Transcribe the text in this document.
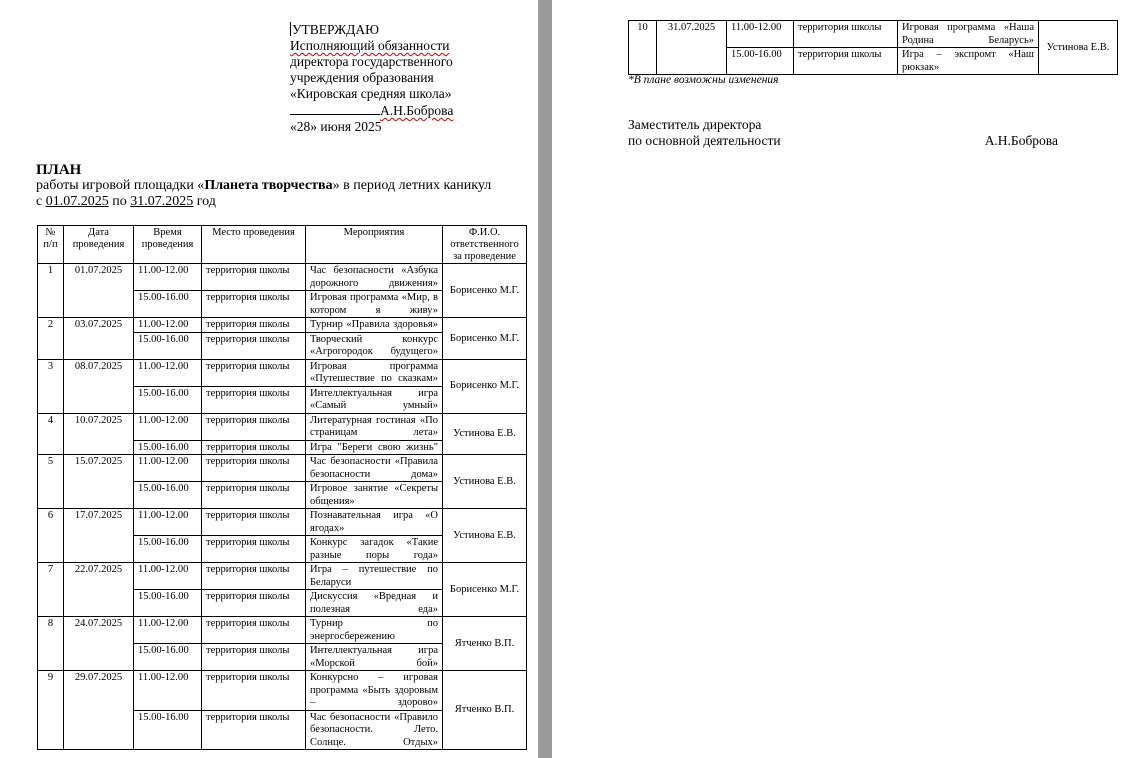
УТВЕРЖДАЮ
Исполняющий обязанности
директора государственного
учреждения образования
«Кировская средняя школа»
А.Н.Боброва
«28» июня 2025
ПЛАН
работы игровой площадки «Планета творчества» в период летних каникул
с 01.07.2025 по 31.07.2025 год
№ п/п	Дата проведения	Время проведения	Место проведения	Мероприятия	Ф.И.О. ответственного за проведение
1	01.07.2025	11.00-12.00	территория школы	Час безопасности «Азбука дорожного движения»	Борисенко М.Г.
		15.00-16.00	территория школы	Игровая программа «Мир, в котором я живу»	
2	03.07.2025	11.00-12.00	территория школы	Турнир «Правила здоровья»	Борисенко М.Г.
		15.00-16.00	территория школы	Творческий конкурс «Агрогородок будущего»	
3	08.07.2025	11.00-12.00	территория школы	Игровая программа «Путешествие по сказкам»	Борисенко М.Г.
		15.00-16.00	территория школы	Интеллектуальная игра «Самый умный»	
4	10.07.2025	11.00-12.00	территория школы	Литературная гостиная «По страницам лета»	Устинова Е.В.
		15.00-16.00	территория школы	Игра "Береги свою жизнь"	
5	15.07.2025	11.00-12.00	территория школы	Час безопасности «Правила безопасности дома»	Устинова Е.В.
		15.00-16.00	территория школы	Игровое занятие «Секреты общения»	
6	17.07.2025	11.00-12.00	территория школы	Познавательная игра «О ягодах»	Устинова Е.В.
		15.00-16.00	территория школы	Конкурс загадок «Такие разные поры года»	
7	22.07.2025	11.00-12.00	территория школы	Игра – путешествие по Беларуси	Борисенко М.Г.
		15.00-16.00	территория школы	Дискуссия «Вредная и полезная еда»	
8	24.07.2025	11.00-12.00	территория школы	Турнир по энергосбережению	Ятченко В.П.
		15.00-16.00	территория школы	Интеллектуальная игра «Морской бой»	
9	29.07.2025	11.00-12.00	территория школы	Конкурсно – игровая программа «Быть здоровым – здорово»	Ятченко В.П.
		15.00-16.00	территория школы	Час безопасности «Правило безопасности. Лето. Солнце. Отдых»	
10	31.07.2025	11.00-12.00	территория школы	Игровая программа «Наша Родина Беларусь»	Устинова Е.В.
		15.00-16.00	территория школы	Игра – экспромт «Наш рюкзак»	
*В плане возможны изменения
Заместитель директора
по основной деятельности	А.Н.Боброва
